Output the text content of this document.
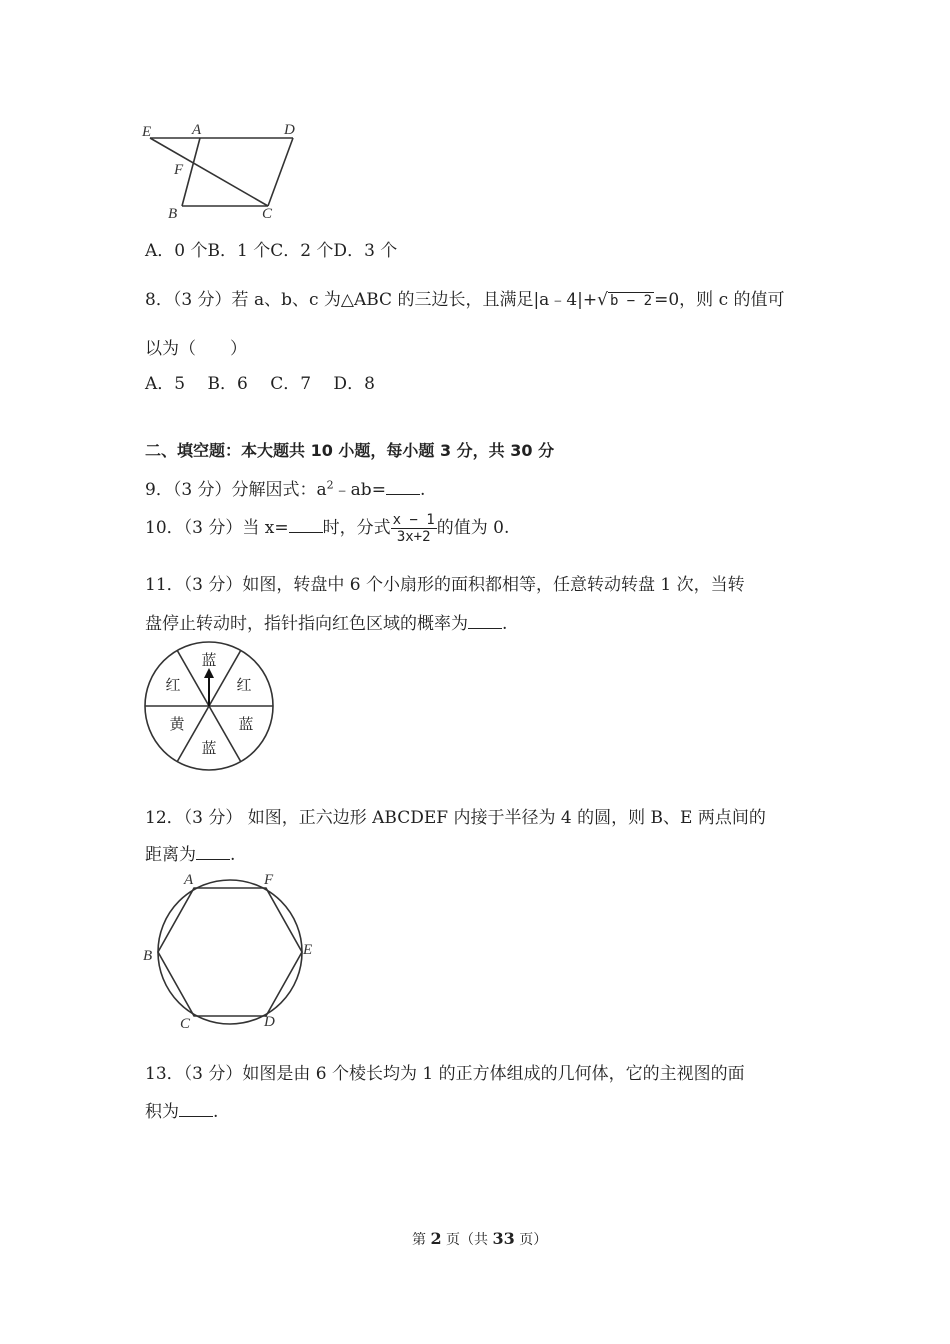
E	A	D
F
B	C
A．0 个B．1 个C．2 个D．3 个
8．（3 分）若 a、b、c 为△ABC 的三边长，且满足|a﹣4|+√ b − 2 =0，则 c 的值可
以为（　　）
A．5　 B．6　 C．7　 D．8
二、填空题：本大题共 10 小题，每小题 3 分，共 30 分
9．（3 分）分解因式：$a^2﹣ab=$ .
10．（3 分）当 x= 时，分式 $\frac{x - 1}{3x+2}$ 的值为 0.
11．（3 分）如图，转盘中 6 个小扇形的面积都相等，任意转动转盘 1 次，当转
盘停止转动时，指针指向红色区域的概率为 .
蓝
红
红
黄	蓝
蓝
12．（3 分） 如图，正六边形 ABCDEF 内接于半径为 4 的圆，则 B、E 两点间的
距离为 .
A	F
B	E
C	D
13．（3 分）如图是由 6 个棱长均为 1 的正方体组成的几何体，它的主视图的面
积为 .
第 2 页（共 33 页）
